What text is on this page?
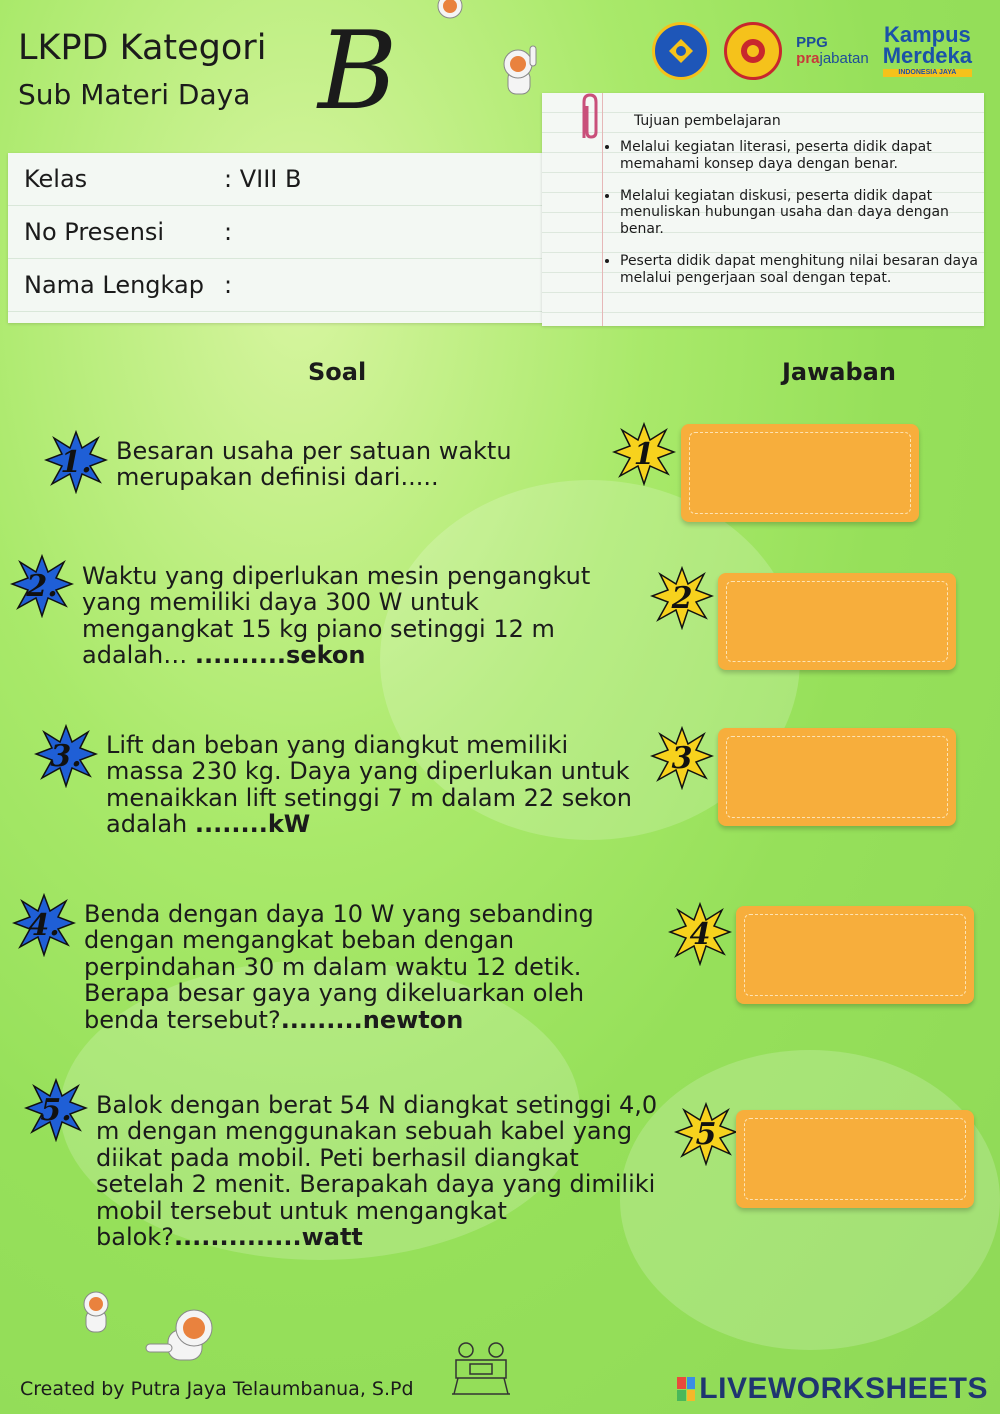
LKPD Kategori
Sub Materi Daya B	PPG
prajabatan
Kampus
Merdeka
INDONESIA JAYA
Kelas	: VIII B
No Presensi	:
Nama Lengkap :
Tujuan pembelajaran
• Melalui kegiatan literasi, peserta didik dapat memahami konsep daya dengan benar.
• Melalui kegiatan diskusi, peserta didik dapat menuliskan hubungan usaha dan daya dengan benar.
• Peserta didik dapat menghitung nilai besaran daya melalui pengerjaan soal dengan tepat.
Soal	Jawaban
1.	Besaran usaha per satuan waktu merupakan definisi dari.....
2.	Waktu yang diperlukan mesin pengangkut yang memiliki daya 300 W untuk mengangkat 15 kg piano setinggi 12 m adalah… ..........sekon
3.	Lift dan beban yang diangkut memiliki massa 230 kg. Daya yang diperlukan untuk menaikkan lift setinggi 7 m dalam 22 sekon adalah ........kW
4.	Benda dengan daya 10 W yang sebanding dengan mengangkat beban dengan perpindahan 30 m dalam waktu 12 detik. Berapa besar gaya yang dikeluarkan oleh benda tersebut?.........newton
5.	Balok dengan berat 54 N diangkat setinggi 4,0 m dengan menggunakan sebuah kabel yang diikat pada mobil. Peti berhasil diangkat setelah 2 menit. Berapakah daya yang dimiliki mobil tersebut untuk mengangkat balok?..............watt
1
2
3
4
5
Created by Putra Jaya Telaumbanua, S.Pd	LIVEWORKSHEETS
